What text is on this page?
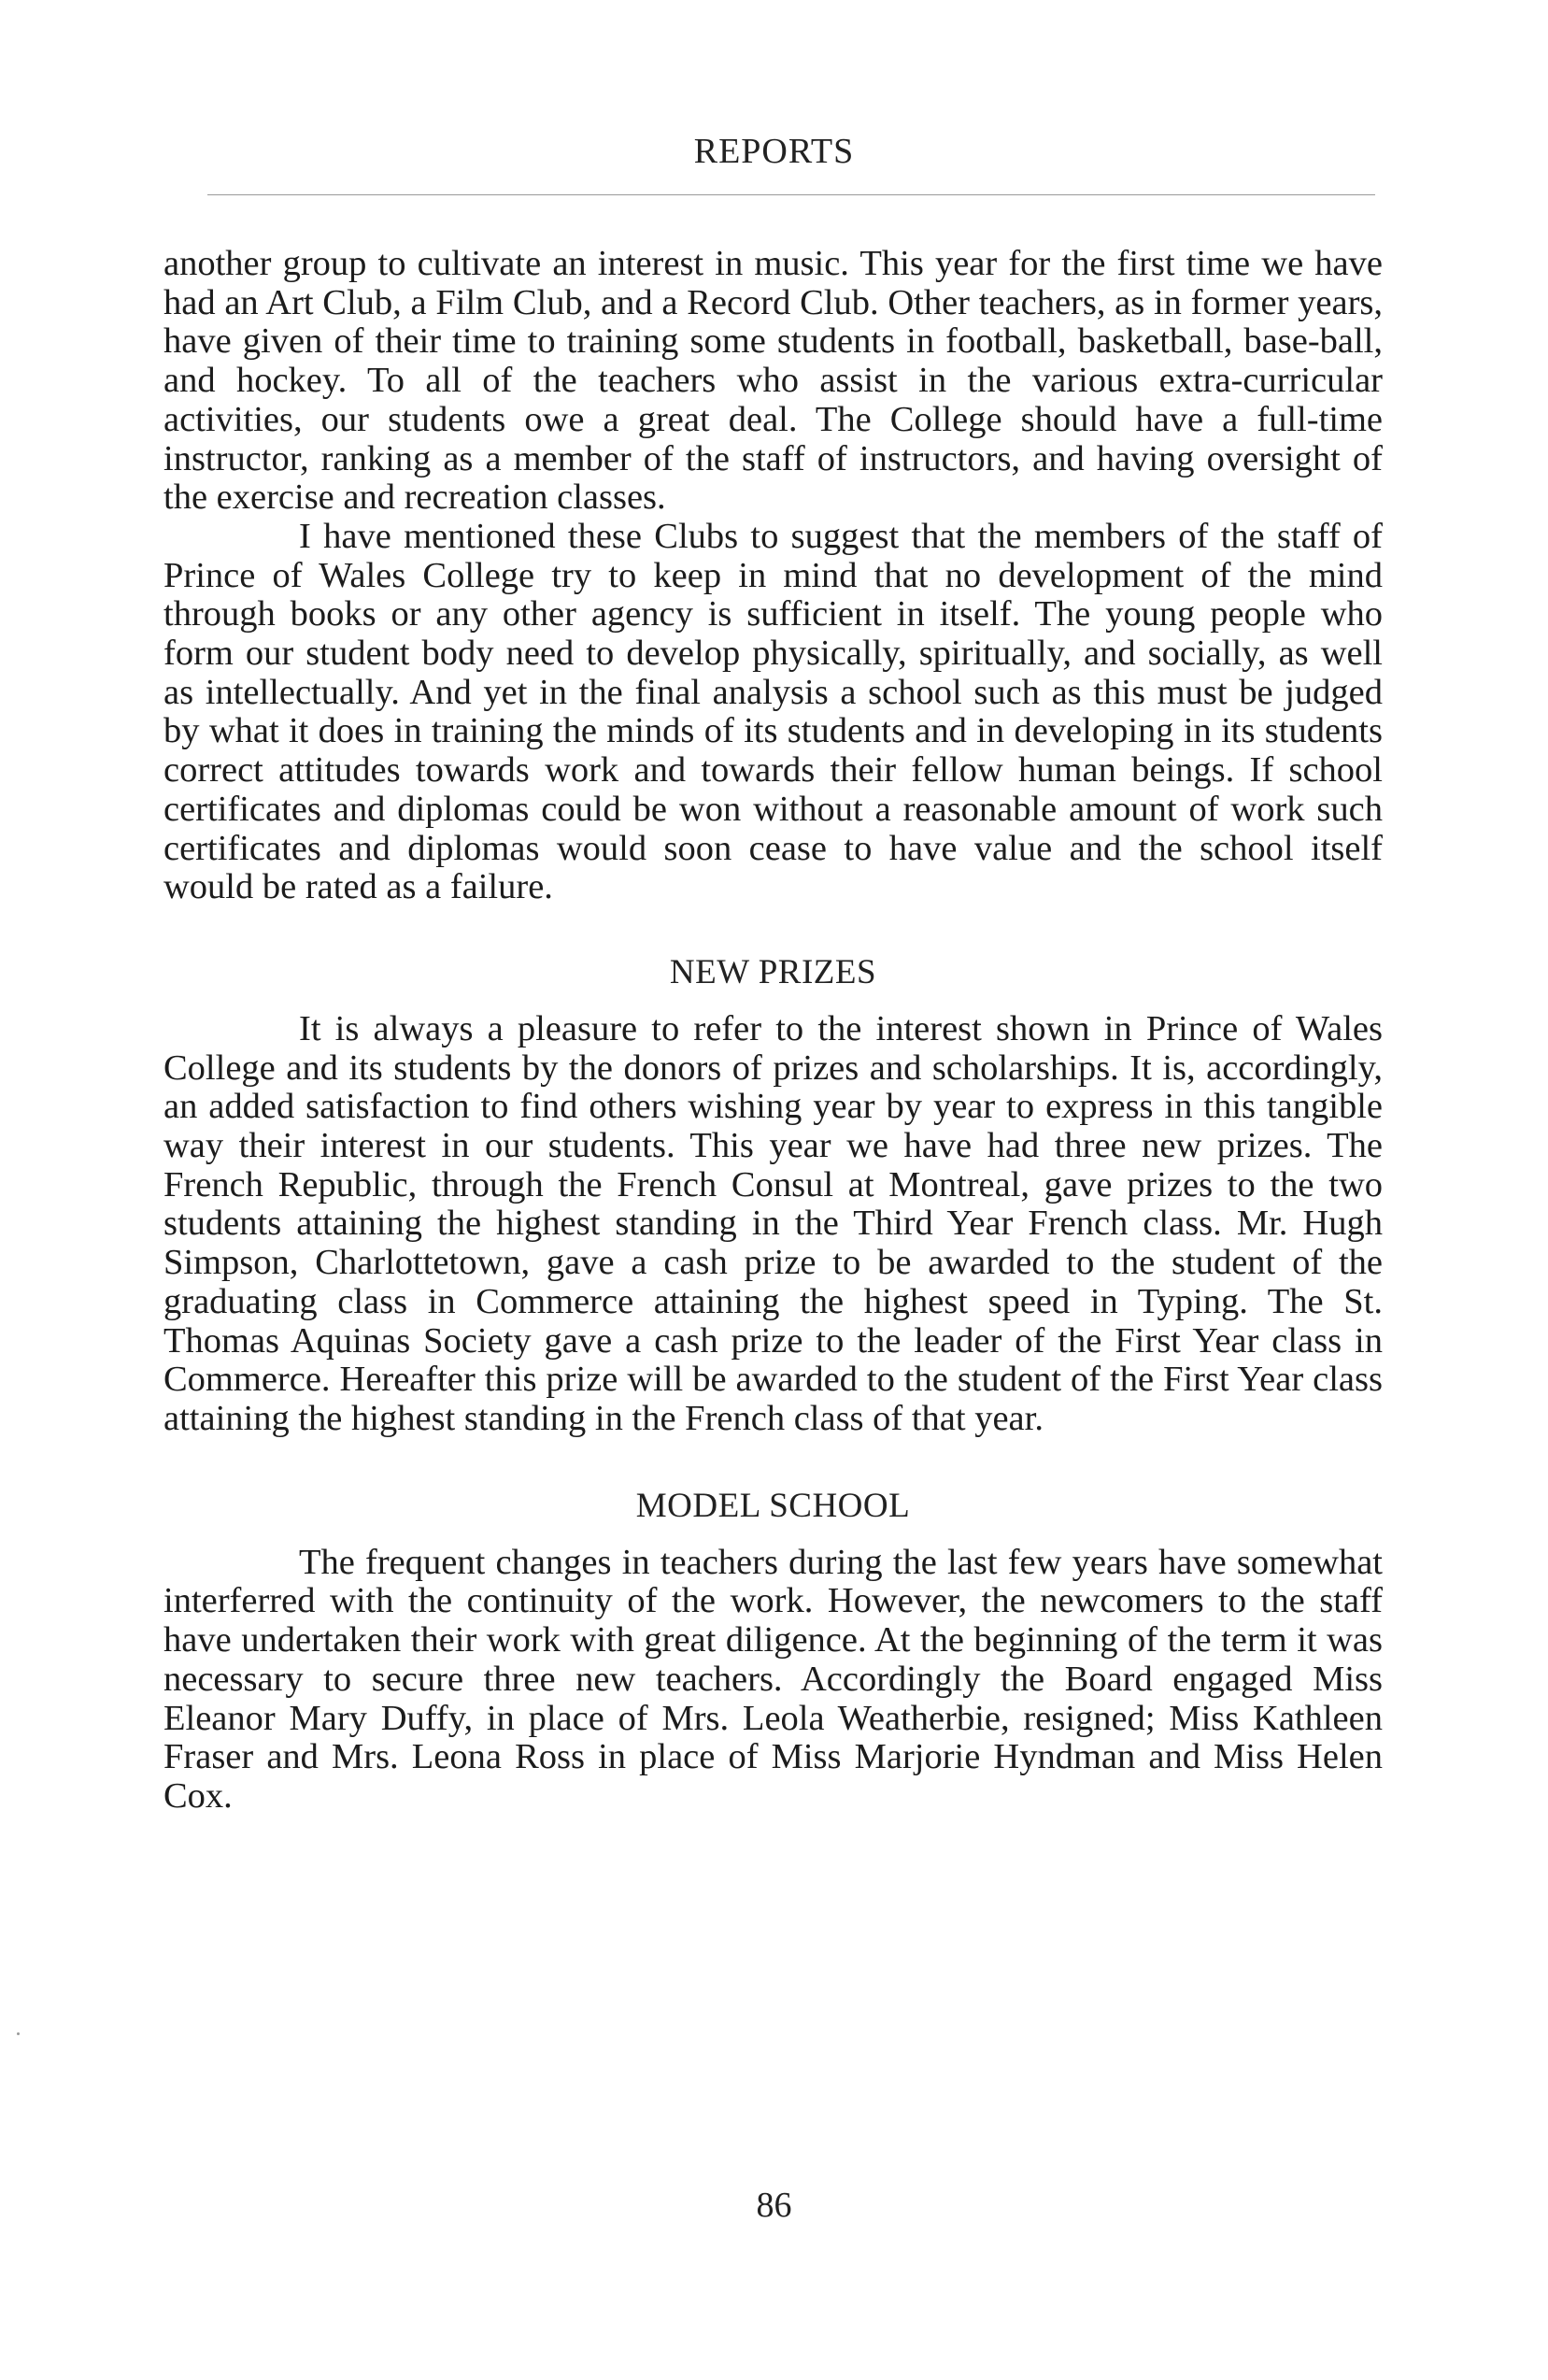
REPORTS

another group to cultivate an interest in music. This year for the first time we have had an Art Club, a Film Club, and a Record Club. Other teachers, as in former years, have given of their time to training some students in football, basketball, base-ball, and hockey. To all of the teachers who assist in the various extra-curricular activities, our students owe a great deal. The College should have a full-time instructor, ranking as a member of the staff of instructors, and having oversight of the exercise and recreation classes.

I have mentioned these Clubs to suggest that the members of the staff of Prince of Wales College try to keep in mind that no development of the mind through books or any other agency is sufficient in itself. The young people who form our student body need to develop physically, spiritually, and socially, as well as intellectually. And yet in the final analysis a school such as this must be judged by what it does in training the minds of its students and in developing in its students correct attitudes towards work and towards their fellow human beings. If school certificates and diplomas could be won without a reasonable amount of work such certificates and diplomas would soon cease to have value and the school itself would be rated as a failure.

NEW PRIZES

It is always a pleasure to refer to the interest shown in Prince of Wales College and its students by the donors of prizes and scholarships. It is, accordingly, an added satisfaction to find others wishing year by year to express in this tangible way their interest in our students. This year we have had three new prizes. The French Republic, through the French Consul at Montreal, gave prizes to the two students attaining the highest standing in the Third Year French class. Mr. Hugh Simpson, Charlottetown, gave a cash prize to be awarded to the student of the graduating class in Commerce attaining the highest speed in Typing. The St. Thomas Aquinas Society gave a cash prize to the leader of the First Year class in Commerce. Hereafter this prize will be awarded to the student of the First Year class attaining the highest standing in the French class of that year.

MODEL SCHOOL

The frequent changes in teachers during the last few years have somewhat interferred with the continuity of the work. However, the newcomers to the staff have undertaken their work with great diligence. At the beginning of the term it was necessary to secure three new teachers. Accordingly the Board engaged Miss Eleanor Mary Duffy, in place of Mrs. Leola Weatherbie, resigned; Miss Kathleen Fraser and Mrs. Leona Ross in place of Miss Marjorie Hyndman and Miss Helen Cox.

86
